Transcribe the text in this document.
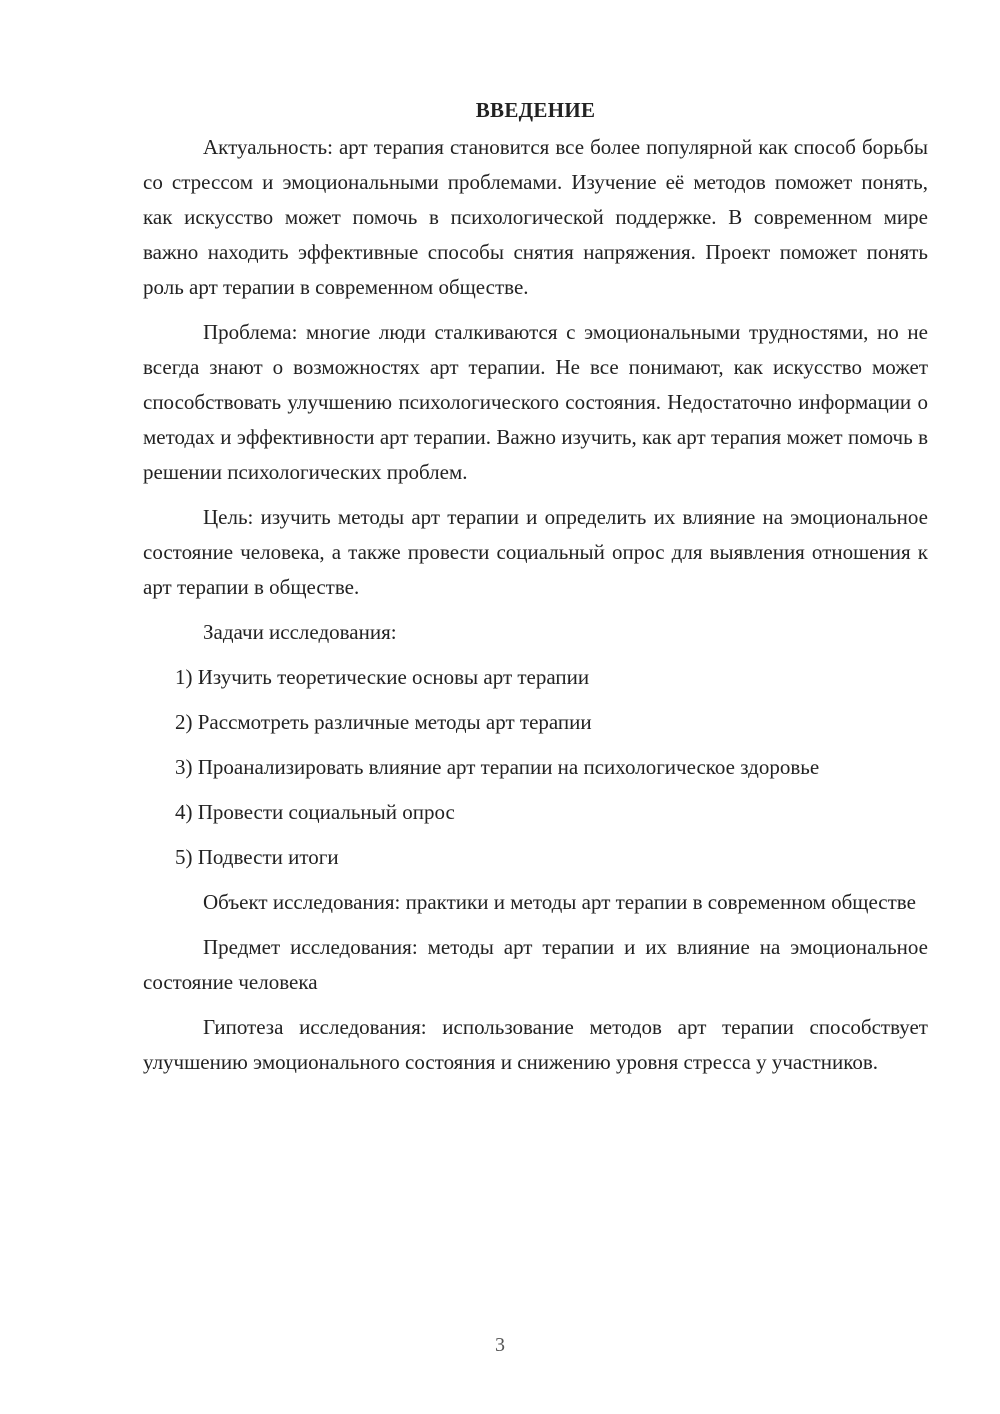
ВВЕДЕНИЕ

Актуальность: арт терапия становится все более популярной как способ борьбы со стрессом и эмоциональными проблемами. Изучение её методов поможет понять, как искусство может помочь в психологической поддержке. В современном мире важно находить эффективные способы снятия напряжения. Проект поможет понять роль арт терапии в современном обществе.

Проблема: многие люди сталкиваются с эмоциональными трудностями, но не всегда знают о возможностях арт терапии. Не все понимают, как искусство может способствовать улучшению психологического состояния. Недостаточно информации о методах и эффективности арт терапии. Важно изучить, как арт терапия может помочь в решении психологических проблем.

Цель: изучить методы арт терапии и определить их влияние на эмоциональное состояние человека, а также провести социальный опрос для выявления отношения к арт терапии в обществе.

Задачи исследования:

1) Изучить теоретические основы арт терапии

2) Рассмотреть различные методы арт терапии

3) Проанализировать влияние арт терапии на психологическое здоровье

4) Провести социальный опрос

5) Подвести итоги

Объект исследования: практики и методы арт терапии в современном обществе

Предмет исследования: методы арт терапии и их влияние на эмоциональное состояние человека

Гипотеза исследования: использование методов арт терапии способствует улучшению эмоционального состояния и снижению уровня стресса у участников.

3
